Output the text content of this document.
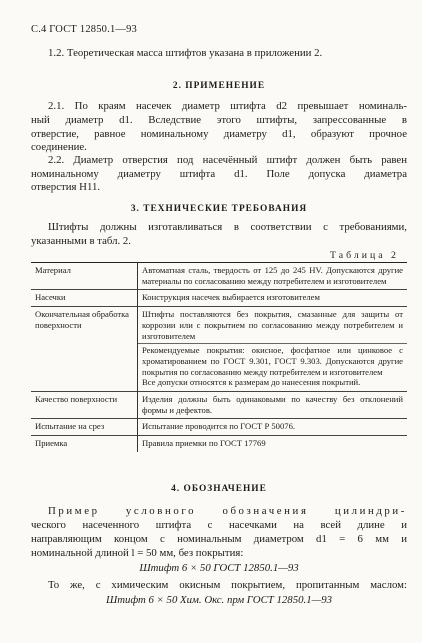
С.4 ГОСТ 12850.1—93
1.2. Теоретическая масса штифтов указана в приложении 2.
2. ПРИМЕНЕНИЕ
2.1. По краям насечек диаметр штифта d2 превышает номиналь-
ный диаметр d1. Вследствие этого штифты, запрессованные в
отверстие, равное номинальному диаметру d1, образуют прочное
соединение.
2.2. Диаметр отверстия под насечённый штифт должен быть равен
номинальному диаметру штифта d1. Поле допуска диаметра
отверстия H11.
3. ТЕХНИЧЕСКИЕ ТРЕБОВАНИЯ
Штифты должны изготавливаться в соответствии с требованиями,
указанными в табл. 2.
Таблица 2
Материал	Автоматная сталь, твердость от 125 до 245 HV. Допускаются другие материалы по согласованию между потребителем и изготовителем
Насечки	Конструкция насечек выбирается изготовителем
Окончательная обработка поверхности	Штифты поставляются без покрытия, смазанные для защиты от коррозии или с покрытием по согласованию между потребителем и изготовителем
Рекомендуемые покрытия: окисное, фосфатное или цинковое с хроматированием по ГОСТ 9.301, ГОСТ 9.303. Допускаются другие покрытия по согласованию между потребителем и изготовителем
Все допуски относятся к размерам до нанесения покрытий.

Качество поверхности	Изделия должны быть одинаковыми по качеству без отклонений формы и дефектов.
Испытание на срез	Испытание проводится по ГОСТ Р 50076.
Приемка	Правила приемки по ГОСТ 17769
4. ОБОЗНАЧЕНИЕ
Пример условного обозначения цилиндри-
ческого насеченного штифта с насечками на всей длине и
направляющим концом с номинальным диаметром d1 = 6 мм и
номинальной длиной l = 50 мм, без покрытия:
Штифт 6 × 50 ГОСТ 12850.1—93
То же, с химическим окисным покрытием, пропитанным маслом:
Штифт 6 × 50 Хим. Окс. прм ГОСТ 12850.1—93
